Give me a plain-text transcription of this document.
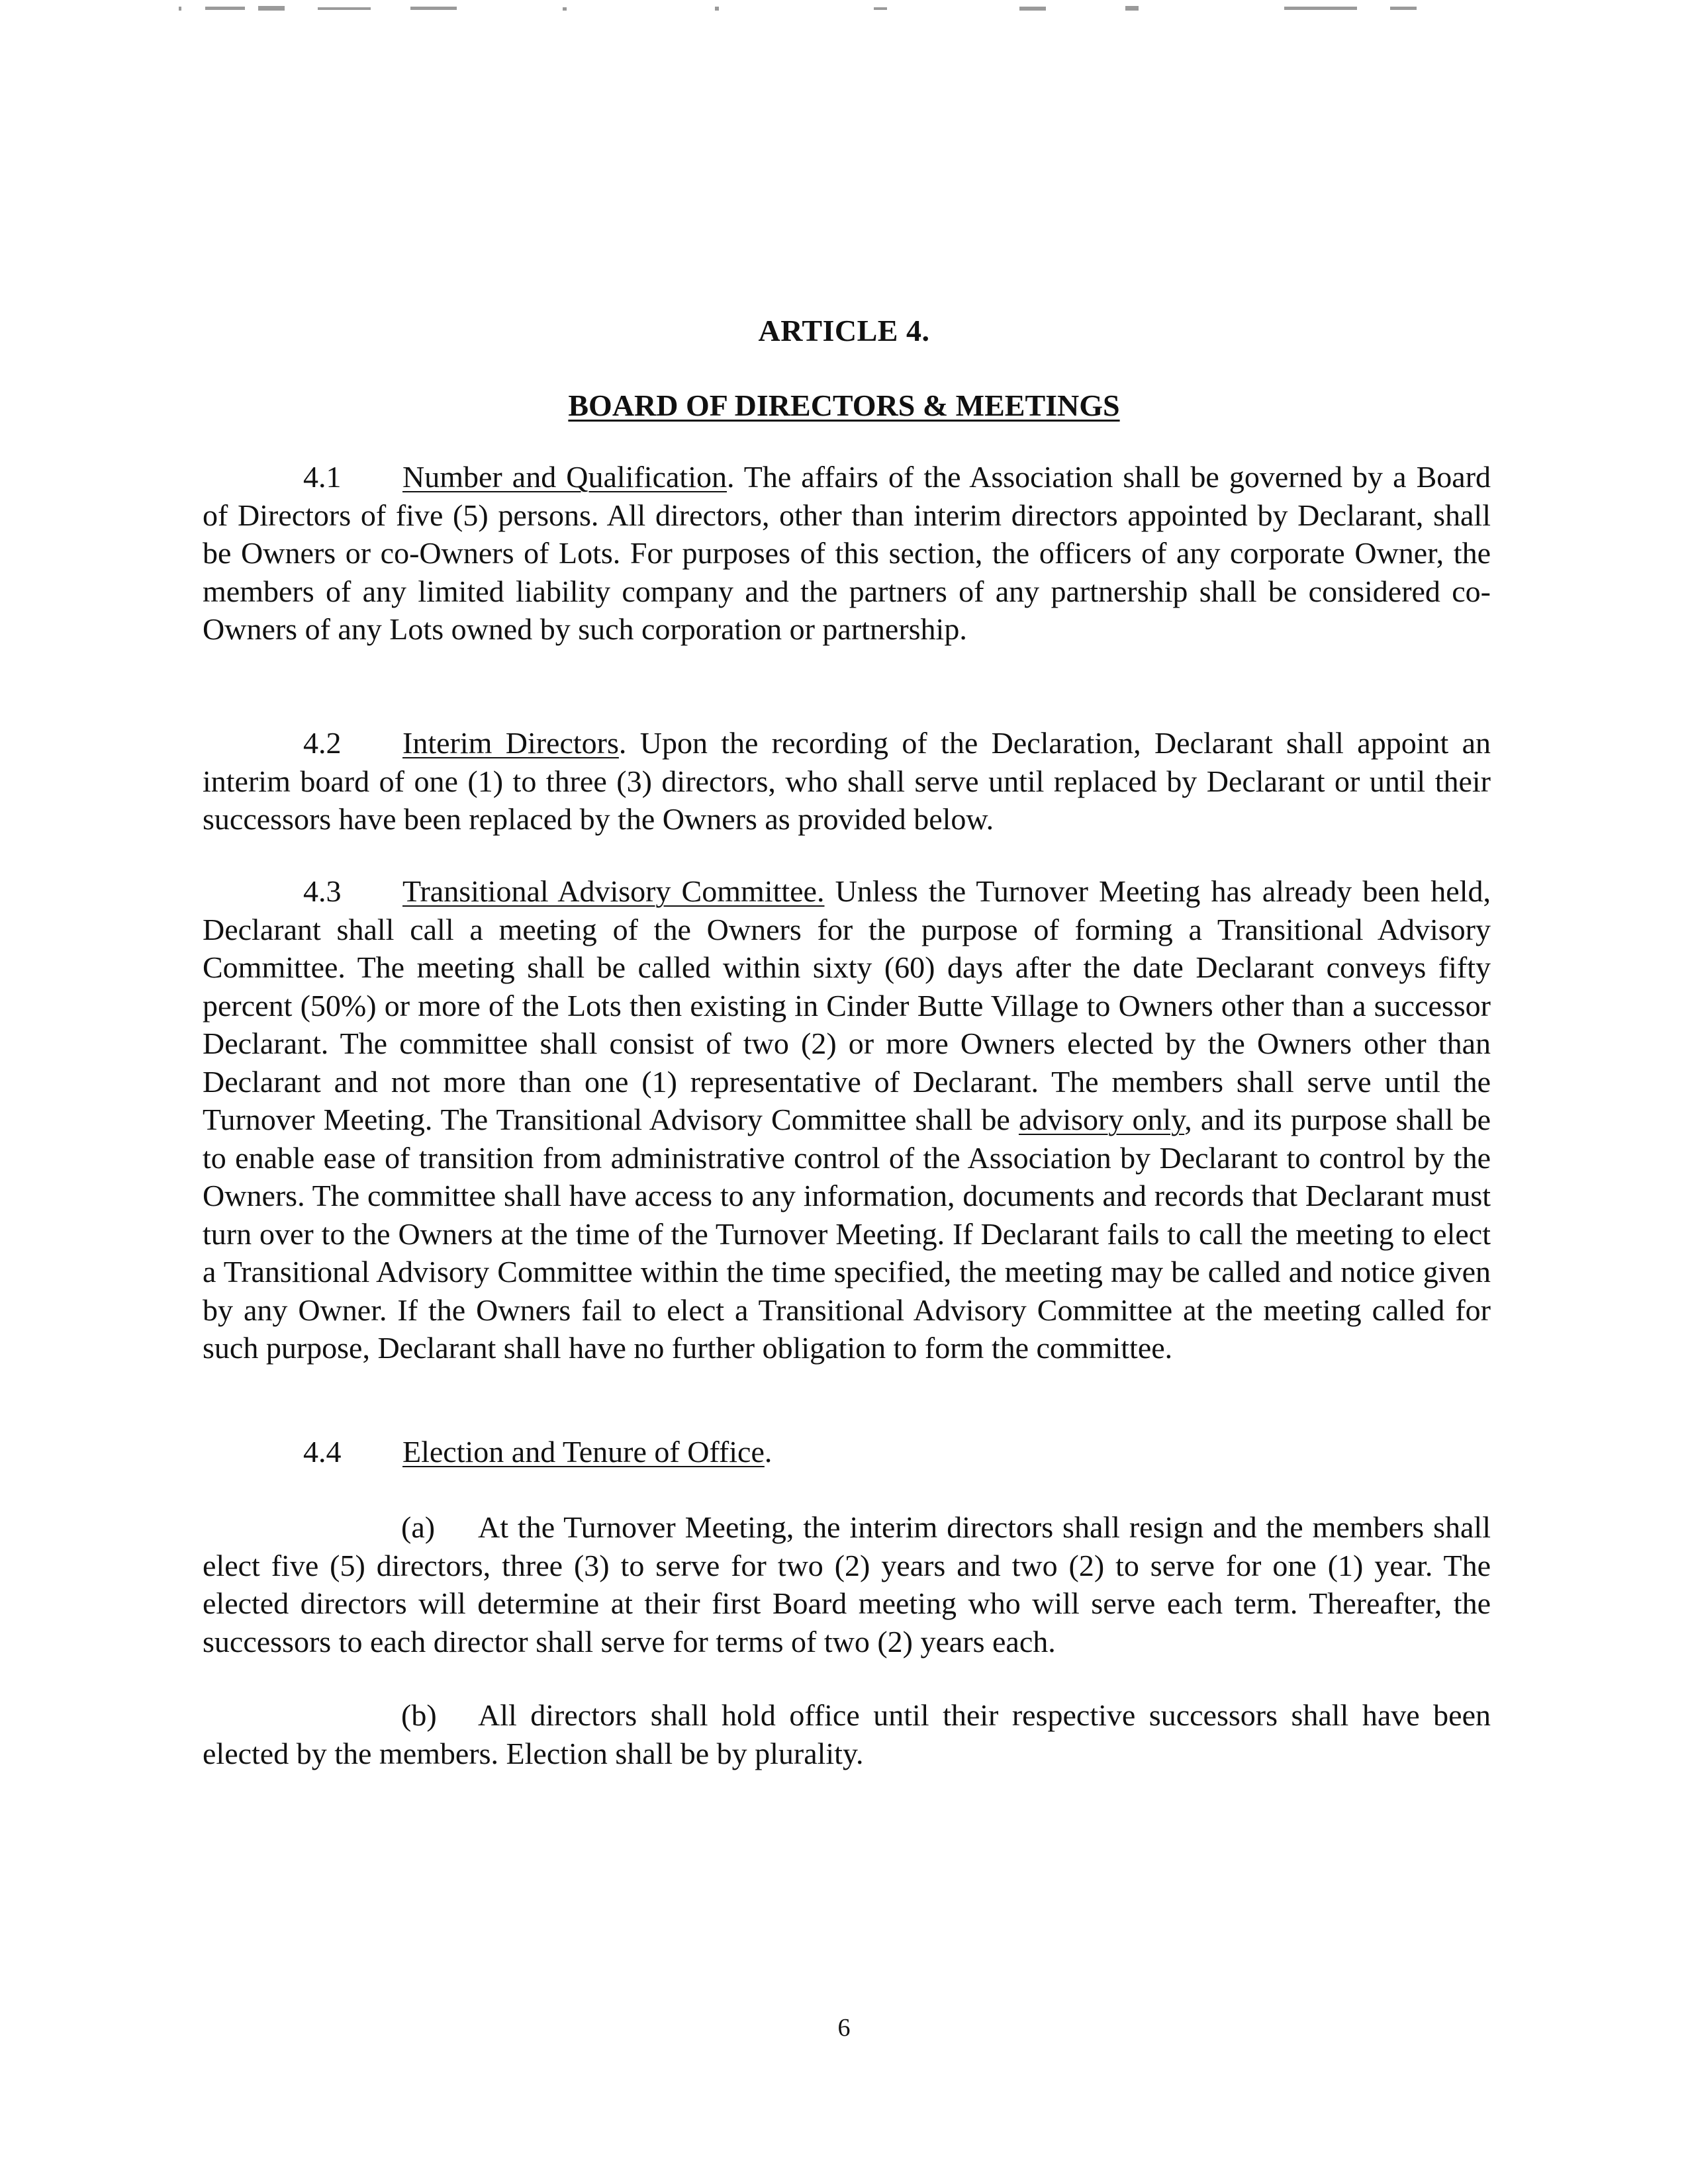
ARTICLE 4.
BOARD OF DIRECTORS & MEETINGS

4.1 Number and Qualification. The affairs of the Association shall be governed by a Board of Directors of five (5) persons. All directors, other than interim directors appointed by Declarant, shall be Owners or co-Owners of Lots. For purposes of this section, the officers of any corporate Owner, the members of any limited liability company and the partners of any partnership shall be considered co-Owners of any Lots owned by such corporation or partnership.

4.2 Interim Directors. Upon the recording of the Declaration, Declarant shall appoint an interim board of one (1) to three (3) directors, who shall serve until replaced by Declarant or until their successors have been replaced by the Owners as provided below.

4.3 Transitional Advisory Committee. Unless the Turnover Meeting has already been held, Declarant shall call a meeting of the Owners for the purpose of forming a Transitional Advisory Committee. The meeting shall be called within sixty (60) days after the date Declarant conveys fifty percent (50%) or more of the Lots then existing in Cinder Butte Village to Owners other than a successor Declarant. The committee shall consist of two (2) or more Owners elected by the Owners other than Declarant and not more than one (1) representative of Declarant. The members shall serve until the Turnover Meeting. The Transitional Advisory Committee shall be advisory only, and its purpose shall be to enable ease of transition from administrative control of the Association by Declarant to control by the Owners. The committee shall have access to any information, documents and records that Declarant must turn over to the Owners at the time of the Turnover Meeting. If Declarant fails to call the meeting to elect a Transitional Advisory Committee within the time specified, the meeting may be called and notice given by any Owner. If the Owners fail to elect a Transitional Advisory Committee at the meeting called for such purpose, Declarant shall have no further obligation to form the committee.

4.4 Election and Tenure of Office.

(a) At the Turnover Meeting, the interim directors shall resign and the members shall elect five (5) directors, three (3) to serve for two (2) years and two (2) to serve for one (1) year. The elected directors will determine at their first Board meeting who will serve each term. Thereafter, the successors to each director shall serve for terms of two (2) years each.

(b) All directors shall hold office until their respective successors shall have been elected by the members. Election shall be by plurality.

6
